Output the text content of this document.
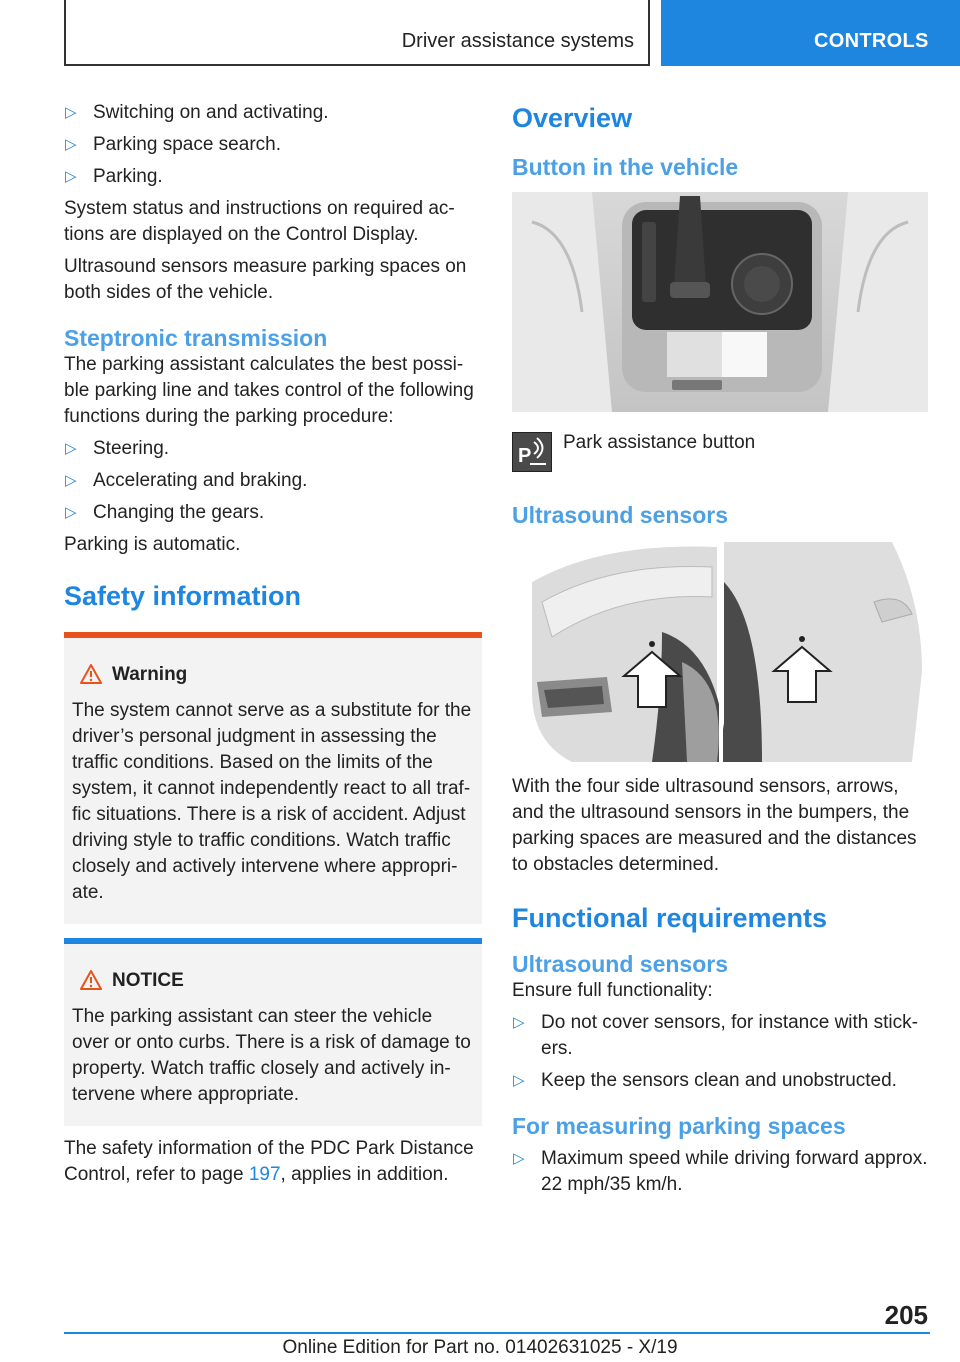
Driver assistance systems	CONTROLS
▷ Switching on and activating.
▷ Parking space search.
▷ Parking.

System status and instructions on required ac‐tions are displayed on the Control Display.

Ultrasound sensors measure parking spaces on both sides of the vehicle.

Steptronic transmission

The parking assistant calculates the best possi‐ble parking line and takes control of the following functions during the parking procedure:

▷ Steering.
▷ Accelerating and braking.
▷ Changing the gears.

Parking is automatic.

Safety information
Warning
The system cannot serve as a substitute for the driver’s personal judgment in assessing the traffic conditions. Based on the limits of the system, it cannot independently react to all traf‐fic situations. There is a risk of accident. Adjust driving style to traffic conditions. Watch traffic closely and actively intervene where appropri‐ate.
NOTICE
The parking assistant can steer the vehicle over or onto curbs. There is a risk of damage to property. Watch traffic closely and actively in‐tervene where appropriate.

The safety information of the PDC Park Distance Control, refer to page 197, applies in addition.

Overview
Button in the vehicle
P
Park assistance button
Ultrasound sensors

With the four side ultrasound sensors, arrows, and the ultrasound sensors in the bumpers, the parking spaces are measured and the distances to obstacles determined.

Functional requirements
Ultrasound sensors

Ensure full functionality:

▷ Do not cover sensors, for instance with stick‐ers.
▷ Keep the sensors clean and unobstructed.
For measuring parking spaces
▷ Maximum speed while driving forward approx. 22 mph/35 km/h.
205
Online Edition for Part no. 01402631025 - X/19
